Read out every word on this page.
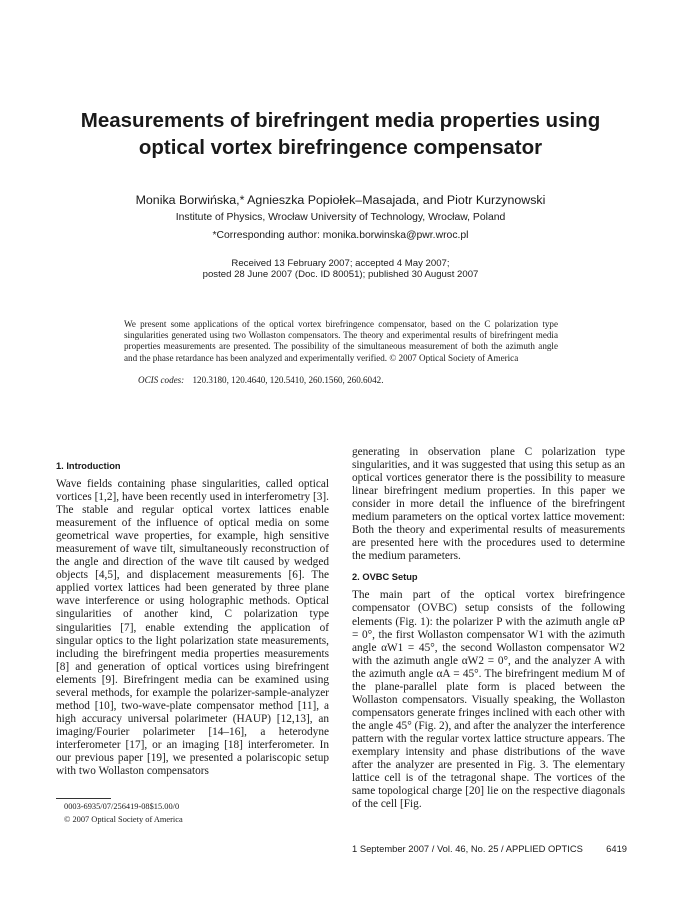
Measurements of birefringent media properties using
optical vortex birefringence compensator
Monika Borwińska,* Agnieszka Popiołek–Masajada, and Piotr Kurzynowski
Institute of Physics, Wrocław University of Technology, Wrocław, Poland
*Corresponding author: monika.borwinska@pwr.wroc.pl
Received 13 February 2007; accepted 4 May 2007;
posted 28 June 2007 (Doc. ID 80051); published 30 August 2007
We present some applications of the optical vortex birefringence compensator, based on the C polarization type singularities generated using two Wollaston compensators. The theory and experimental results of birefringent media properties measurements are presented. The possibility of the simultaneous measurement of both the azimuth angle and the phase retardance has been analyzed and experimentally verified. © 2007 Optical Society of America
OCIS codes: 120.3180, 120.4640, 120.5410, 260.1560, 260.6042.
1. Introduction

Wave fields containing phase singularities, called optical vortices [1,2], have been recently used in interferometry [3]. The stable and regular optical vortex lattices enable measurement of the influence of optical media on some geometrical wave properties, for example, high sensitive measurement of wave tilt, simultaneously reconstruction of the angle and direction of the wave tilt caused by wedged objects [4,5], and displacement measurements [6]. The applied vortex lattices had been generated by three plane wave interference or using holographic methods. Optical singularities of another kind, C polarization type singularities [7], enable extending the application of singular optics to the light polarization state measurements, including the birefringent media properties measurements [8] and generation of optical vortices using birefringent elements [9]. Birefringent media can be examined using several methods, for example the polarizer-sample-analyzer method [10], two-wave-plate compensator method [11], a high accuracy universal polarimeter (HAUP) [12,13], an imaging/Fourier polarimeter [14–16], a heterodyne interferometer [17], or an imaging [18] interferometer. In our previous paper [19], we presented a polariscopic setup with two Wollaston compensators

generating in observation plane C polarization type singularities, and it was suggested that using this setup as an optical vortices generator there is the possibility to measure linear birefringent medium properties. In this paper we consider in more detail the influence of the birefringent medium parameters on the optical vortex lattice movement: Both the theory and experimental results of measurements are presented here with the procedures used to determine the medium parameters.

2. OVBC Setup

The main part of the optical vortex birefringence compensator (OVBC) setup consists of the following elements (Fig. 1): the polarizer P with the azimuth angle αP = 0°, the first Wollaston compensator W1 with the azimuth angle αW1 = 45°, the second Wollaston compensator W2 with the azimuth angle αW2 = 0°, and the analyzer A with the azimuth angle αA = 45°. The birefringent medium M of the plane-parallel plate form is placed between the Wollaston compensators. Visually speaking, the Wollaston compensators generate fringes inclined with each other with the angle 45° (Fig. 2), and after the analyzer the interference pattern with the regular vortex lattice structure appears. The exemplary intensity and phase distributions of the wave after the analyzer are presented in Fig. 3. The elementary lattice cell is of the tetragonal shape. The vortices of the same topological charge [20] lie on the respective diagonals of the cell [Fig.

0003-6935/07/256419-08$15.00/0
© 2007 Optical Society of America
1 September 2007 / Vol. 46, No. 25 / APPLIED OPTICS 6419
